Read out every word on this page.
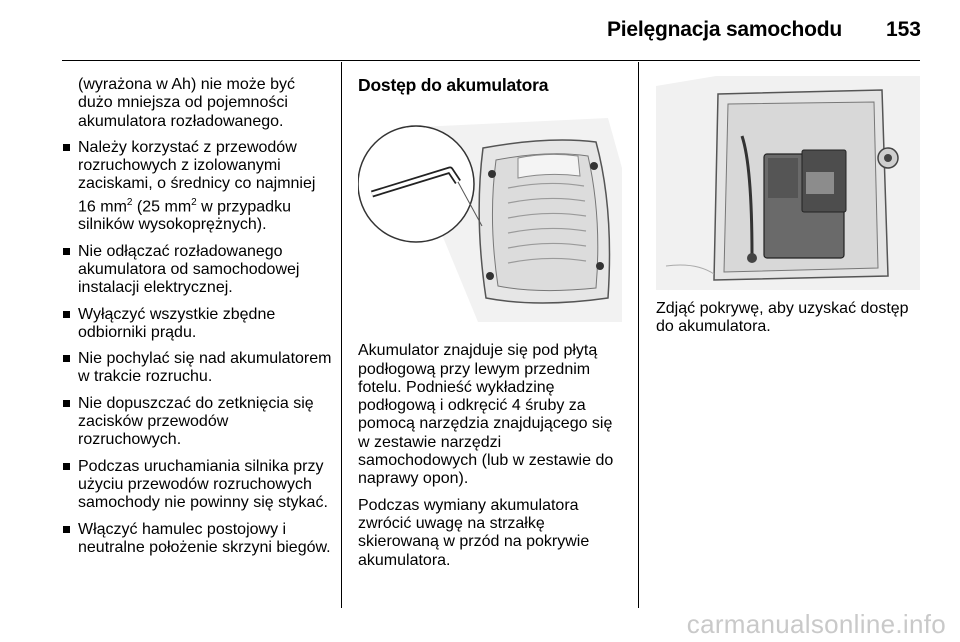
Pielęgnacja samochodu 153

(wyrażona w Ah) nie może być dużo mniejsza od pojemności akumulatora rozładowanego.

Należy korzystać z przewodów rozruchowych z izolowanymi zaciskami, o średnicy co najmniej 16 $mm^2$ (25 $mm^2$ w przypadku silników wysokoprężnych).
Nie odłączać rozładowanego akumulatora od samochodowej instalacji elektrycznej.
Wyłączyć wszystkie zbędne odbiorniki prądu.
Nie pochylać się nad akumulatorem w trakcie rozruchu.
Nie dopuszczać do zetknięcia się zacisków przewodów rozruchowych.
Podczas uruchamiania silnika przy użyciu przewodów rozruchowych samochody nie powinny się stykać.
Włączyć hamulec postojowy i neutralne położenie skrzyni biegów.
Dostęp do akumulatora

Akumulator znajduje się pod płytą podłogową przy lewym przednim fotelu. Podnieść wykładzinę podłogową i odkręcić 4 śruby za pomocą narzędzia znajdującego się w zestawie narzędzi samochodowych (lub w zestawie do naprawy opon).

Podczas wymiany akumulatora zwrócić uwagę na strzałkę skierowaną w przód na pokrywie akumulatora.

Zdjąć pokrywę, aby uzyskać dostęp do akumulatora.

carmanualsonline.info
